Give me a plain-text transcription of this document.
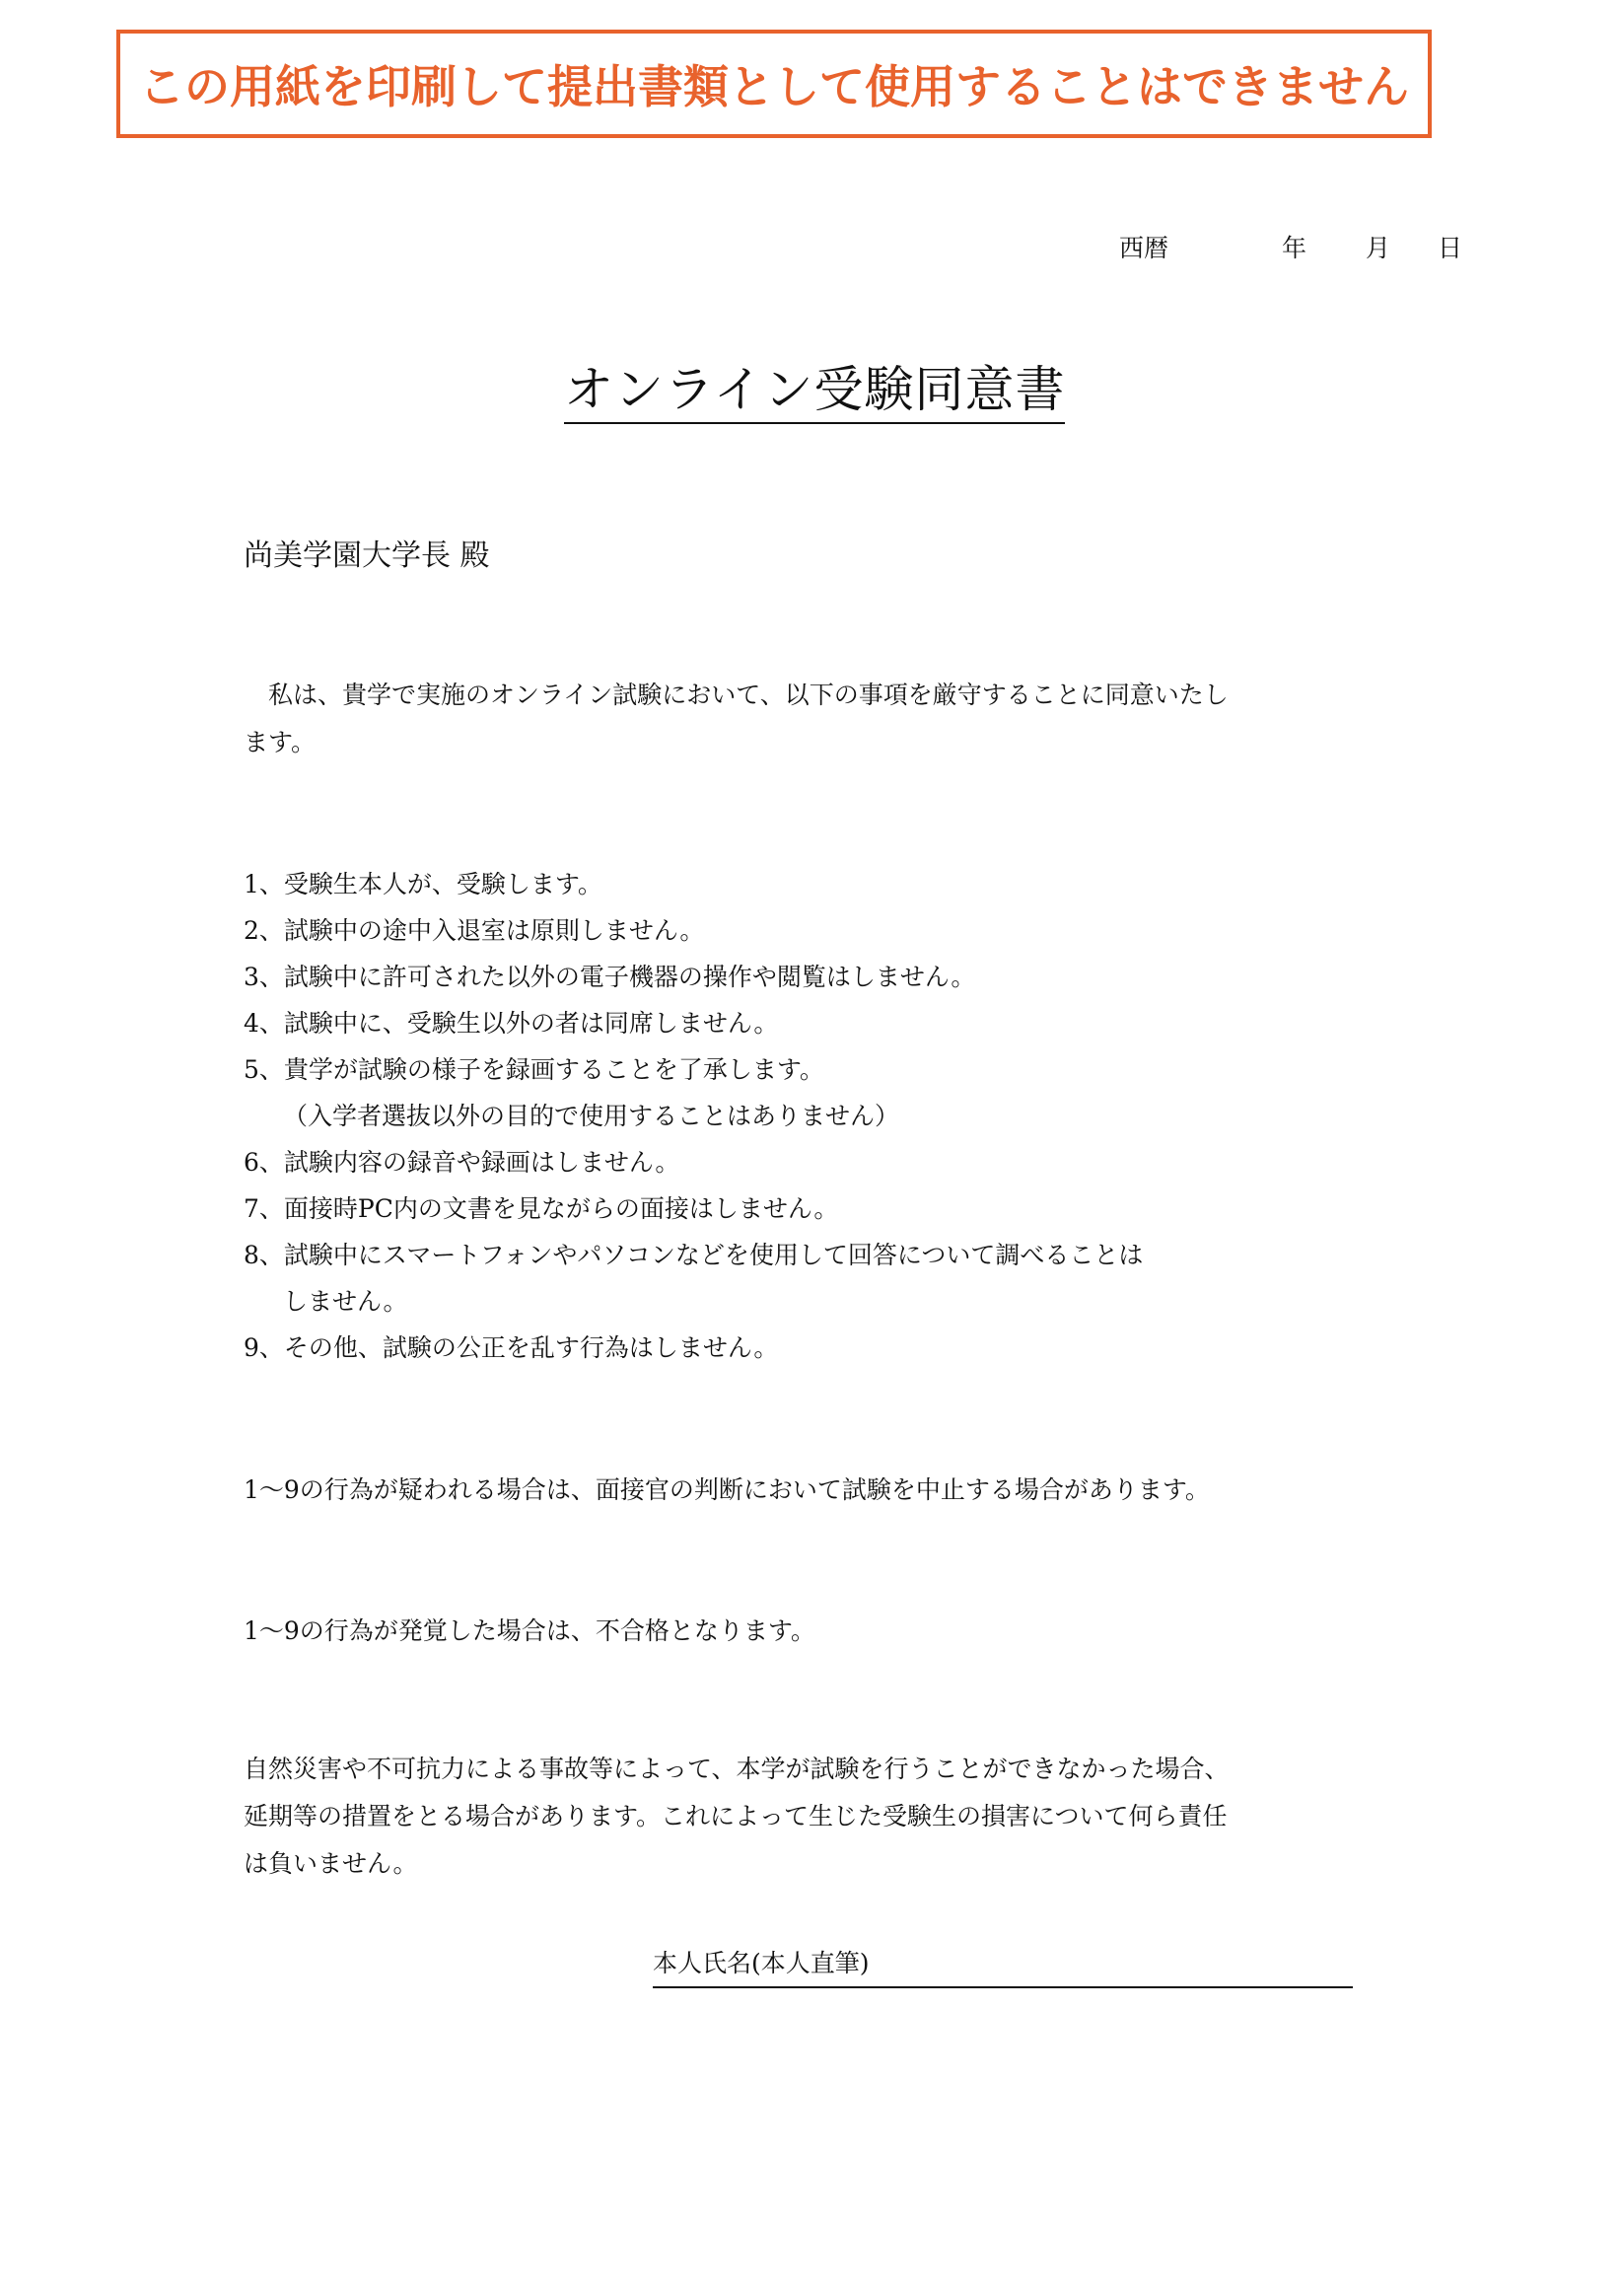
この用紙を印刷して提出書類として使用することはできません
西暦	年 月 日
オンライン受験同意書
尚美学園大学長 殿
私は、貴学で実施のオンライン試験において、以下の事項を厳守することに同意いたし
ます。
1、受験生本人が、受験します。
2、試験中の途中入退室は原則しません。
3、試験中に許可された以外の電子機器の操作や閲覧はしません。
4、試験中に、受験生以外の者は同席しません。
5、貴学が試験の様子を録画することを了承します。
（入学者選抜以外の目的で使用することはありません）
6、試験内容の録音や録画はしません。
7、面接時PC内の文書を見ながらの面接はしません。
8、試験中にスマートフォンやパソコンなどを使用して回答について調べることは
しません。
9、その他、試験の公正を乱す行為はしません。
1～9の行為が疑われる場合は、面接官の判断において試験を中止する場合があります。
1～9の行為が発覚した場合は、不合格となります。
自然災害や不可抗力による事故等によって、本学が試験を行うことができなかった場合、
延期等の措置をとる場合があります。これによって生じた受験生の損害について何ら責任
は負いません。
本人氏名(本人直筆)
